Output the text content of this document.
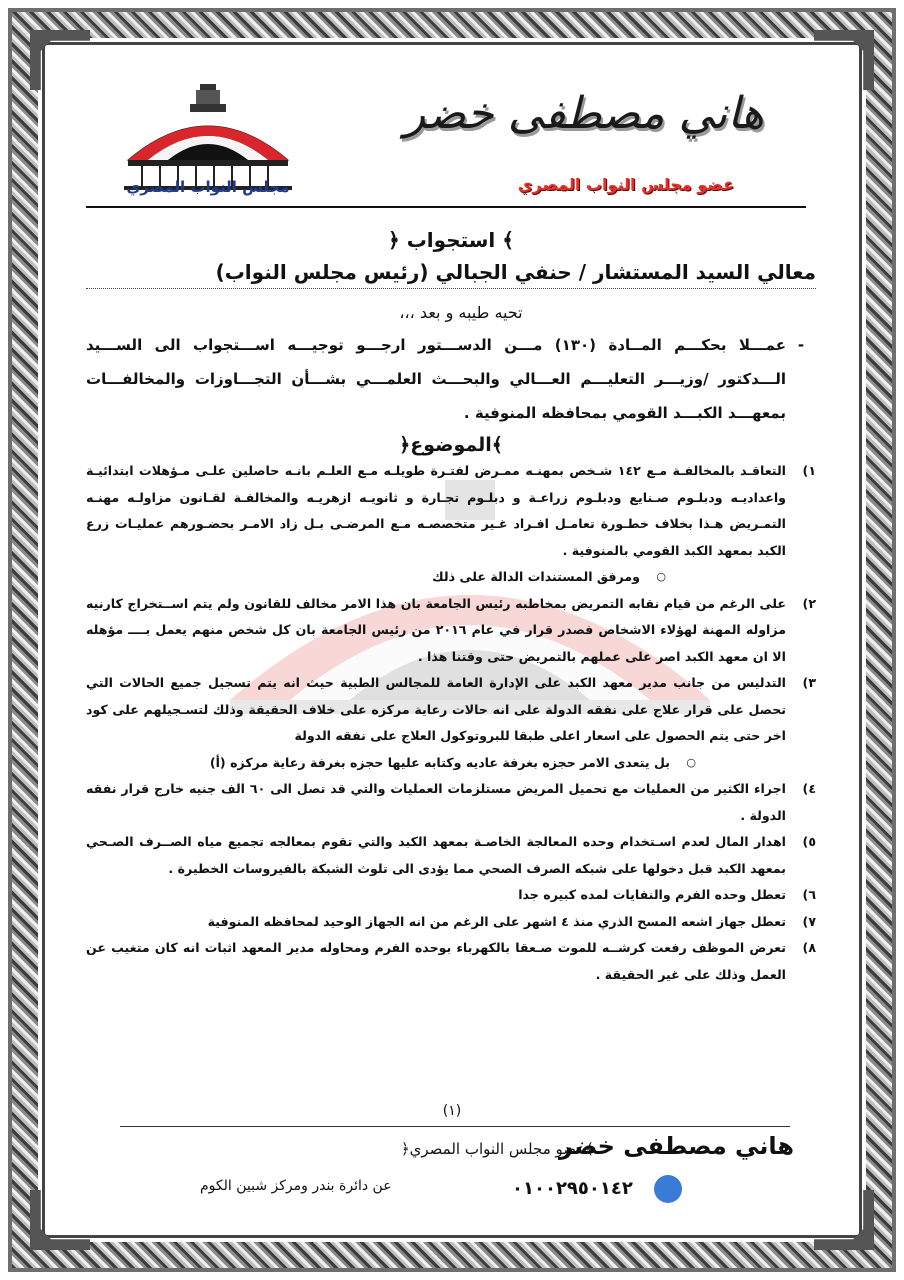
مجلس النواب المصري
هاني مصطفى خضر
عضو مجلس النواب المصري
﴾ استجواب ﴿
معالي السيد المستشار / حنفي الجبالي (رئيس مجلس النواب)
تحيه طيبه و بعد ،،،
-
عمـــلا بحكـــم المــادة (١٣٠) مـــن الدســـتور ارجـــو توجيـــه اســـتجواب الى الســـيد الـــدكتور /وزيـــر التعليـــم العـــالي والبحـــث العلمـــي بشـــأن التجـــاوزات والمخالفـــات بمعهـــد الكبـــد القومي بمحافظه المنوفية .
﴾الموضوع﴿
١)
التعاقـد بالمخالفـة مـع ١٤٢ شـخص بمهنـه ممـرض لفتـرة طويلـه مـع العلـم بانـه حاصلين علـى مـؤهلات ابتدائيـة واعداديـه ودبلـوم صـنايع ودبلـوم زراعـة و دبلـوم تجـارة و ثانويـه ازهريـه والمخالفـة لقـانون مزاولـه مهنـه التمـريض هـذا بخلاف خطـورة تعامـل افـراد غـير متخصصـه مـع المرضـى بـل زاد الامـر بحضـورهم عمليـات زرع الكبد بمعهد الكبد القومي بالمنوفية .
○
ومرفق المستندات الدالة على ذلك
٢)
على الرغم من قيام نقابه التمريض بمخاطبه رئيس الجامعة بان هذا الامر مخالف للقانون ولم يتم اســتخراج كارنيه مزاوله المهنة لهؤلاء الاشخاص فصدر قرار في عام ٢٠١٦ من رئيس الجامعة بان كل شخص منهم يعمل بــــ مؤهله الا ان معهد الكبد اصر على عملهم بالتمريض حتى وقتنا هذا .
٣)
التدليس من جانب مدير معهد الكبد على الإدارة العامة للمجالس الطبية حيث انه يتم تسجيل جميع الحالات التي تحصل على قرار علاج على نفقه الدولة على انه حالات رعاية مركزه على خلاف الحقيقة وذلك لتسـجيلهم على كود اخر حتى يتم الحصول على اسعار اعلى طبقا للبروتوكول العلاج على نفقه الدولة
○
بل يتعدى الامر حجزه بغرفة عاديه وكتابه عليها حجزه بغرفة رعاية مركزه (أ)
٤)
اجراء الكثير من العمليات مع تحميل المريض مستلزمات العمليات والتي قد تصل الى ٦٠ الف جنيه خارج قرار نفقه الدولة .
٥)
اهدار المال لعدم اسـتخدام وحده المعالجة الخاصـة بمعهد الكبد والتي تقوم بمعالجه تجميع مياه الصــرف الصـحي بمعهد الكبد قبل دخولها على شبكه الصرف الصحي مما يؤدى الى تلوث الشبكة بالفيروسات الخطيرة .
٦)
تعطل وحده الفرم والنفايات لمده كبيره جدا
٧)
تعطل جهاز اشعه المسح الذري منذ ٤ اشهر على الرغم من انه الجهاز الوحيد لمحافظه المنوفية
٨)
تعرض الموظف رفعت كرشــه للموت صـعقا بالكهرباء بوحده الفرم ومحاوله مدير المعهد اثبات انه كان متغيب عن العمل وذلك على غير الحقيقة .
(١)
هاني مصطفى خضر
﴾عضو مجلس النواب المصري﴿
عن دائرة بندر ومركز شبين الكوم	٠١٠٠٢٩٥٠١٤٢
